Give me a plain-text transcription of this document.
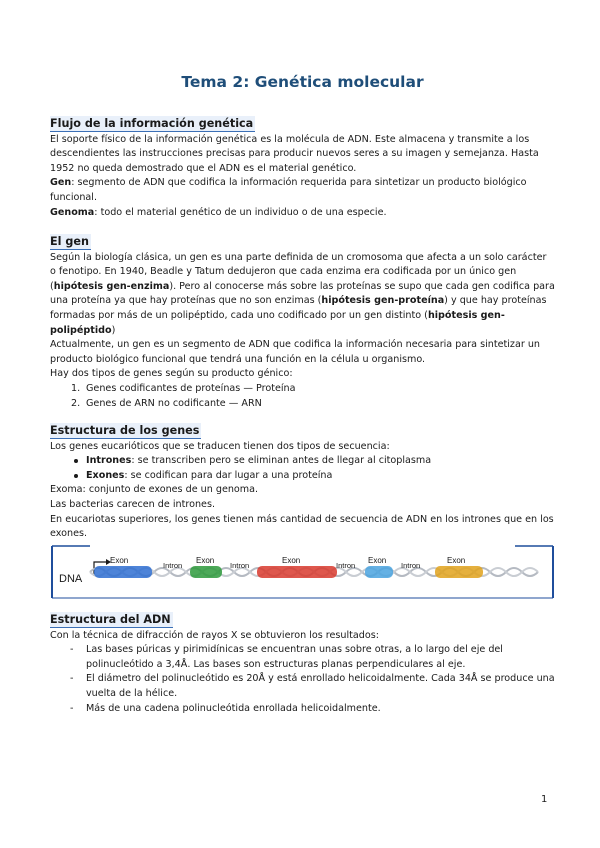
Tema 2: Genética molecular
Flujo de la información genética

El soporte físico de la información genética es la molécula de ADN. Este almacena y transmite a los descendientes las instrucciones precisas para producir nuevos seres a su imagen y semejanza. Hasta 1952 no queda demostrado que el ADN es el material genético.

Gen: segmento de ADN que codifica la información requerida para sintetizar un producto biológico funcional.

Genoma: todo el material genético de un individuo o de una especie.

El gen

Según la biología clásica, un gen es una parte definida de un cromosoma que afecta a un solo carácter o fenotipo. En 1940, Beadle y Tatum dedujeron que cada enzima era codificada por un único gen (hipótesis gen-enzima). Pero al conocerse más sobre las proteínas se supo que cada gen codifica para una proteína ya que hay proteínas que no son enzimas (hipótesis gen-proteína) y que hay proteínas formadas por más de un polipéptido, cada uno codificado por un gen distinto (hipótesis gen-polipéptido)

Actualmente, un gen es un segmento de ADN que codifica la información necesaria para sintetizar un producto biológico funcional que tendrá una función en la célula u organismo.

Hay dos tipos de genes según su producto génico:

1. Genes codificantes de proteínas — Proteína
2. Genes de ARN no codificante — ARN
Estructura de los genes

Los genes eucarióticos que se traducen tienen dos tipos de secuencia:

Intrones: se transcriben pero se eliminan antes de llegar al citoplasma
Exones: se codifican para dar lugar a una proteína

Exoma: conjunto de exones de un genoma.

Las bacterias carecen de intrones.

En eucariotas superiores, los genes tienen más cantidad de secuencia de ADN en los intrones que en los exones.

DNA
Exon	Exon	Exon	Exon	Exon
Intron	Intron	Intron	Intron
Estructura del ADN

Con la técnica de difracción de rayos X se obtuvieron los resultados:

- Las bases púricas y pirimidínicas se encuentran unas sobre otras, a lo largo del eje del polinucleótido a 3,4Å. Las bases son estructuras planas perpendiculares al eje.
- El diámetro del polinucleótido es 20Å y está enrollado helicoidalmente. Cada 34Å se produce una vuelta de la hélice.
- Más de una cadena polinucleótida enrollada helicoidalmente.
1
